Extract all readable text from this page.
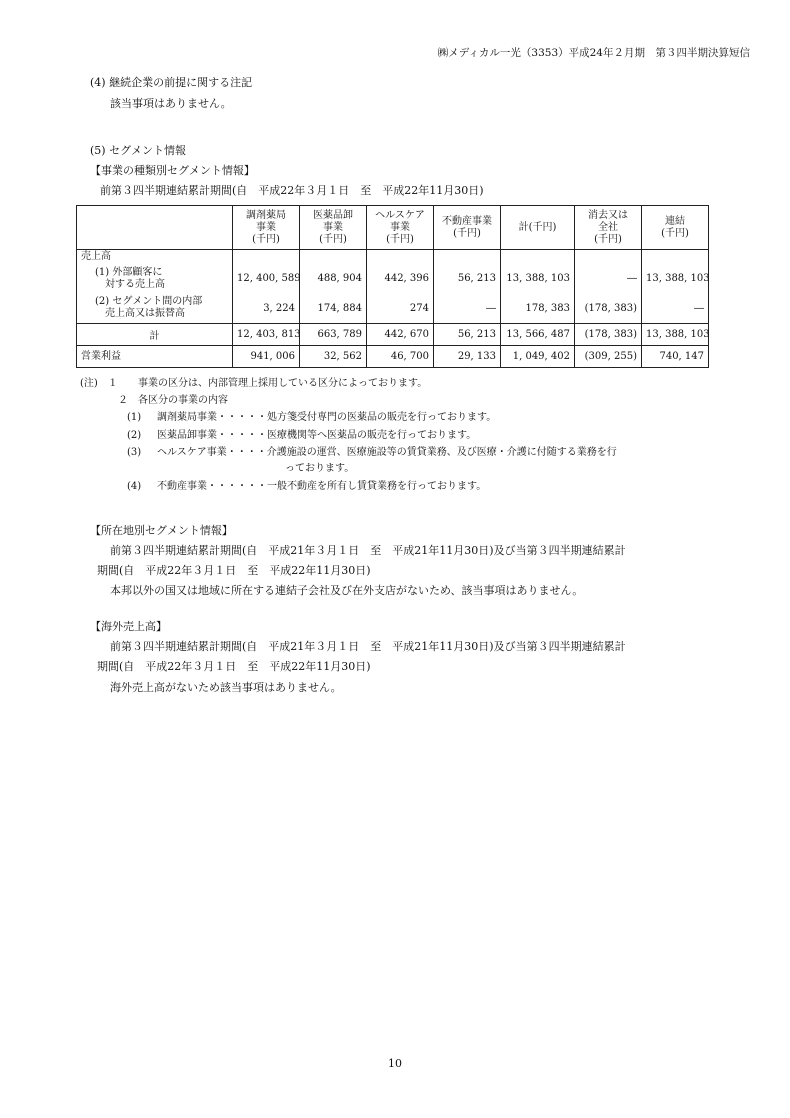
㈱メディカル一光（3353）平成24年２月期　第３四半期決算短信
(4) 継続企業の前提に関する注記
該当事項はありません。
(5) セグメント情報
【事業の種類別セグメント情報】
前第３四半期連結累計期間(自　平成22年３月１日　至　平成22年11月30日)
	調剤薬局
事業
(千円)	医薬品卸
事業
(千円)	ヘルスケア
事業
(千円)	不動産事業
(千円)	計(千円)	消去又は
全社
(千円)	連結
(千円)
売上高							

(1) 外部顧客に
対する売上高	12, 400, 589	488, 904	442, 396	56, 213	13, 388, 103	―	13, 388, 103

(2) セグメント間の内部
売上高又は振替高	3, 224	174, 884	274	―	178, 383	(178, 383)	―
計	12, 403, 813	663, 789	442, 670	56, 213	13, 566, 487	(178, 383)	13, 388, 103
営業利益	941, 006	32, 562	46, 700	29, 133	1, 049, 402	(309, 255)	740, 147
(注)　１ 事業の区分は、内部管理上採用している区分によっております。
２ 各区分の事業の内容
(1) 調剤薬局事業・・・・・処方箋受付専門の医薬品の販売を行っております。
(2) 医薬品卸事業・・・・・医療機関等へ医薬品の販売を行っております。
(3) ヘルスケア事業・・・・介護施設の運営、医療施設等の賃貸業務、及び医療・介護に付随する業務を行
っております。
(4) 不動産事業・・・・・・一般不動産を所有し賃貸業務を行っております。
【所在地別セグメント情報】
前第３四半期連結累計期間(自　平成21年３月１日　至　平成21年11月30日)及び当第３四半期連結累計
期間(自　平成22年３月１日　至　平成22年11月30日)
本邦以外の国又は地域に所在する連結子会社及び在外支店がないため、該当事項はありません。
【海外売上高】
前第３四半期連結累計期間(自　平成21年３月１日　至　平成21年11月30日)及び当第３四半期連結累計
期間(自　平成22年３月１日　至　平成22年11月30日)
海外売上高がないため該当事項はありません。
10
